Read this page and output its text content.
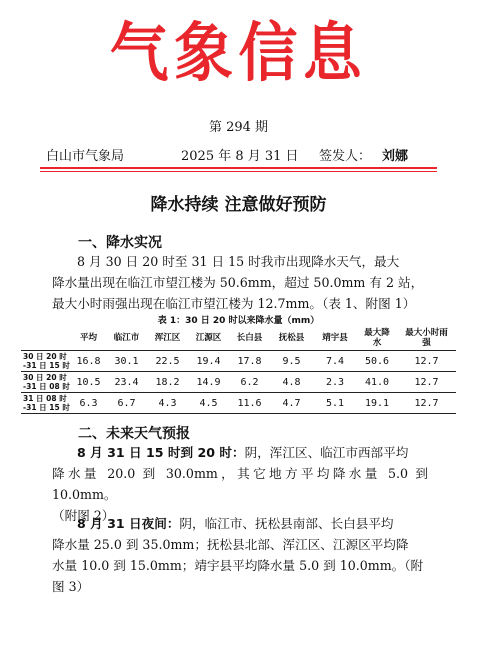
气象信息
第 294 期
白山市气象局	2025 年 8 月 31 日 签发人： 刘娜
降水持续 注意做好预防
一、降水实况
8 月 30 日 20 时至 31 日 15 时我市出现降水天气，最大
降水量出现在临江市望江楼为 50.6mm，超过 50.0mm 有 2 站，
最大小时雨强出现在临江市望江楼为 12.7mm。（表 1、附图 1）
表 1：30 日 20 时以来降水量（mm）
	平均	临江市	浑江区	江源区	长白县	抚松县	靖宇县	最大降水	最大小时雨强
30 日 20 时 -31 日 15 时	16.8	30.1	22.5	19.4	17.8	9.5	7.4	50.6	12.7
30 日 20 时 -31 日 08 时	10.5	23.4	18.2	14.9	6.2	4.8	2.3	41.0	12.7
31 日 08 时 -31 日 15 时	6.3	6.7	4.3	4.5	11.6	4.7	5.1	19.1	12.7
二、未来天气预报
8 月 31 日 15 时到 20 时：阴，浑江区、临江市西部平均
降水量 20.0 到 30.0mm，其它地方平均降水量 5.0 到 10.0mm。
（附图 2）
8 月 31 日夜间：阴，临江市、抚松县南部、长白县平均
降水量 25.0 到 35.0mm；抚松县北部、浑江区、江源区平均降
水量 10.0 到 15.0mm；靖宇县平均降水量 5.0 到 10.0mm。（附
图 3）
